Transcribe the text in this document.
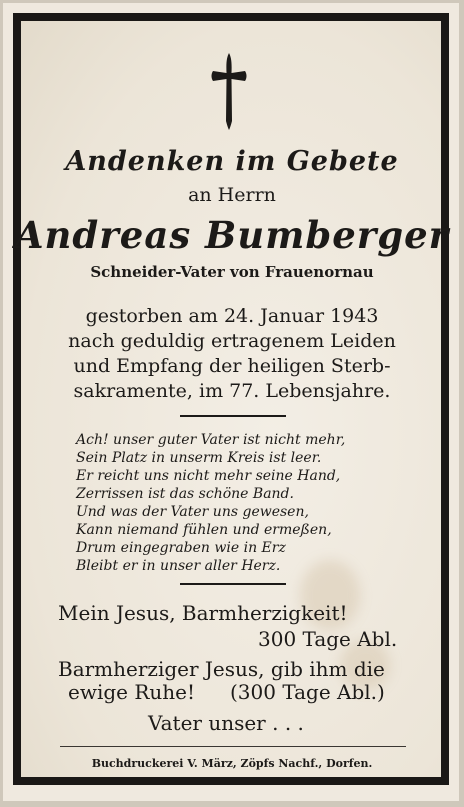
Andenken im Gebete
an Herrn
Andreas Bumberger
Schneider-Vater von Frauenornau
gestorben am 24. Januar 1943
nach geduldig ertragenem Leiden
und Empfang der heiligen Sterb-
sakramente, im 77. Lebensjahre.
Ach! unser guter Vater ist nicht mehr,
Sein Platz in unserm Kreis ist leer.
Er reicht uns nicht mehr seine Hand,
Zerrissen ist das schöne Band.
Und was der Vater uns gewesen,
Kann niemand fühlen und ermeßen,
Drum eingegraben wie in Erz
Bleibt er in unser aller Herz.
Mein Jesus, Barmherzigkeit!
300 Tage Abl.
Barmherziger Jesus, gib ihm die
ewige Ruhe! (300 Tage Abl.)
Vater unser . . .
Buchdruckerei V. März, Zöpfs Nachf., Dorfen.
